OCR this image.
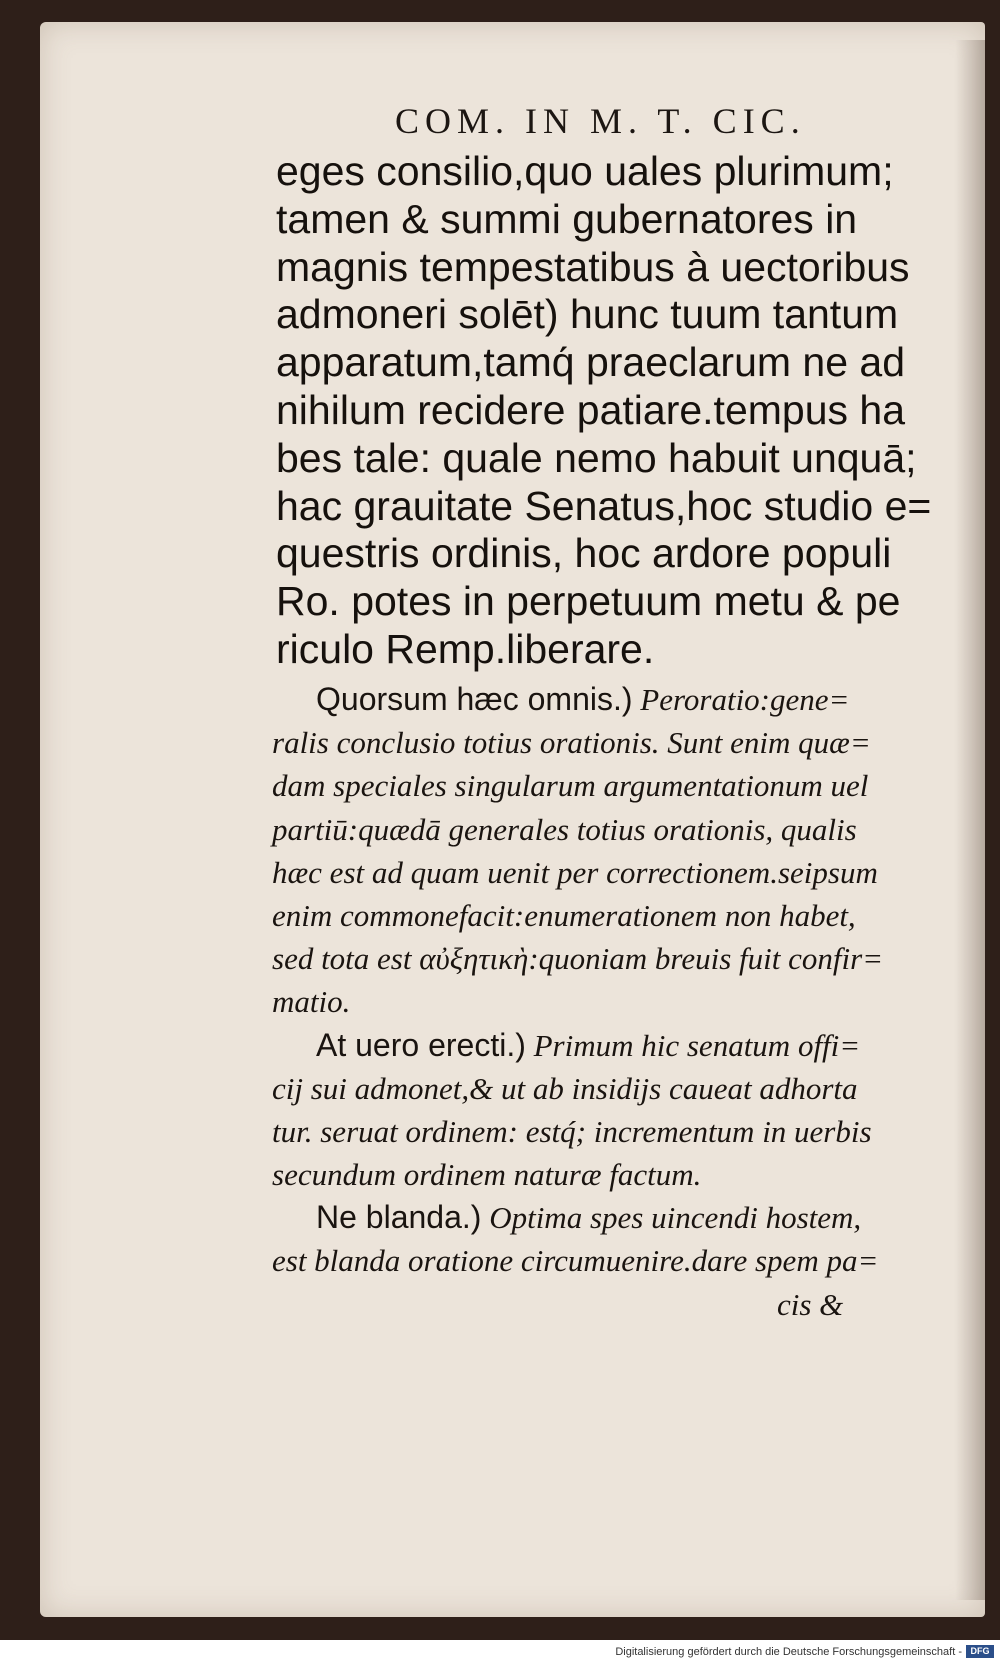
COM. IN M. T. CIC.
eges consilio,quo uales plurimum;
tamen & summi gubernatores in
magnis tempestatibus à uectoribus
admoneri solēt) hunc tuum tantum
apparatum,tamq́ praeclarum ne ad
nihilum recidere patiare.tempus ha
bes tale: quale nemo habuit unquā;
hac grauitate Senatus,hoc studio e=
questris ordinis, hoc ardore populi
Ro. potes in perpetuum metu & pe
riculo Remp.liberare.
Quorsum hæc omnis.) Peroratio:gene=
ralis conclusio totius orationis. Sunt enim quæ=
dam speciales singularum argumentationum uel
partiū:quædā generales totius orationis, qualis
hæc est ad quam uenit per correctionem.seipsum
enim commonefacit:enumerationem non habet,
sed tota est αὐξητικὴ:quoniam breuis fuit confir=
matio.
At uero erecti.) Primum hic senatum offi=
cij sui admonet,& ut ab insidijs caueat adhorta
tur. seruat ordinem: estq́; incrementum in uerbis
secundum ordinem naturæ factum.
Ne blanda.) Optima spes uincendi hostem,
est blanda oratione circumuenire.dare spem pa=
cis &
Digitalisierung gefördert durch die Deutsche Forschungsgemeinschaft - DFG
